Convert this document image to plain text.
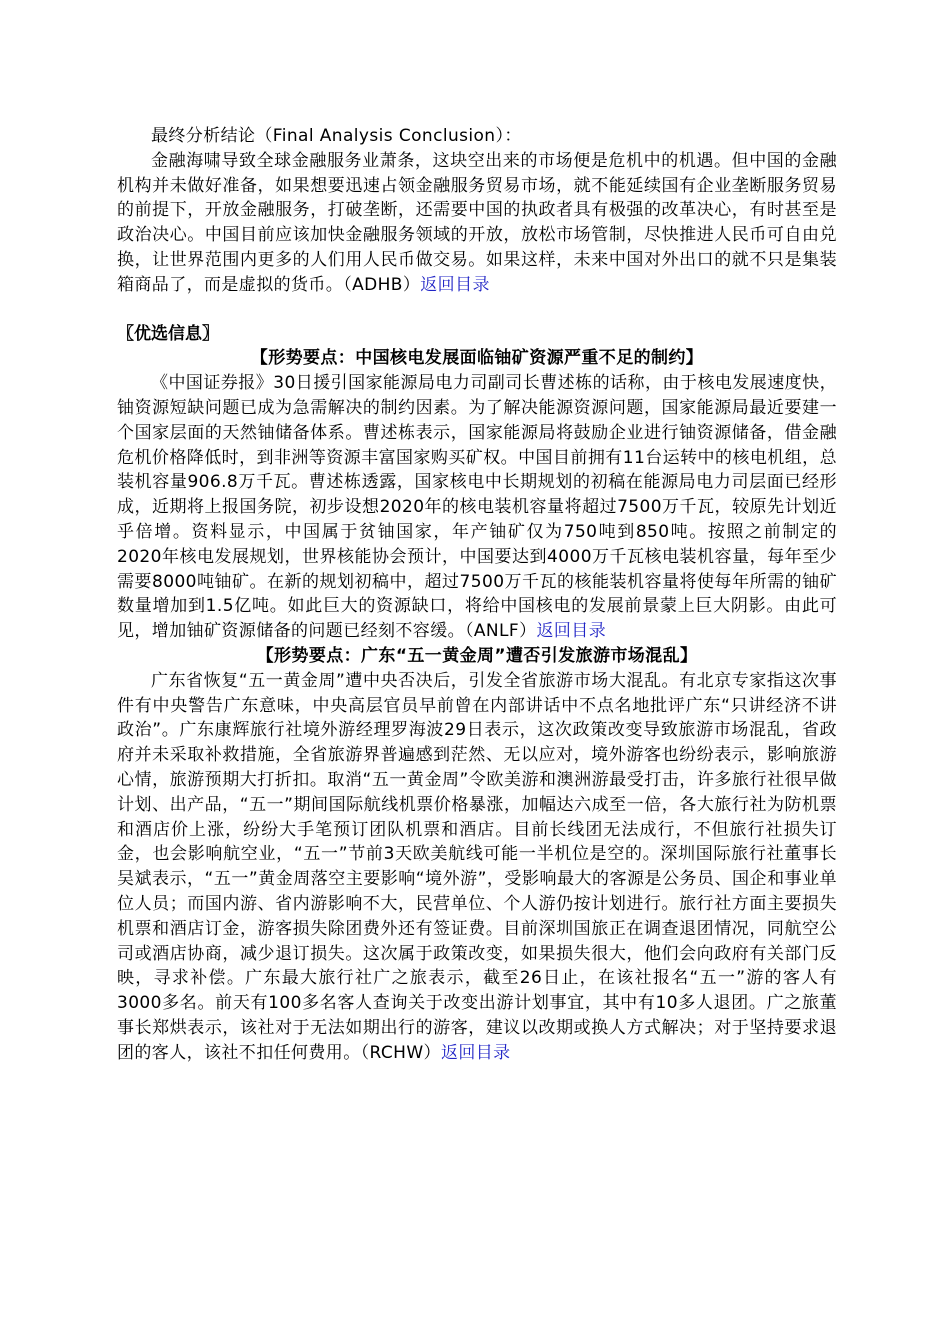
最终分析结论（Final Analysis Conclusion）：

金融海啸导致全球金融服务业萧条，这块空出来的市场便是危机中的机遇。但中国的金融机构并未做好准备，如果想要迅速占领金融服务贸易市场，就不能延续国有企业垄断服务贸易的前提下，开放金融服务，打破垄断，还需要中国的执政者具有极强的改革决心，有时甚至是政治决心。中国目前应该加快金融服务领域的开放，放松市场管制，尽快推进人民币可自由兑换，让世界范围内更多的人们用人民币做交易。如果这样，未来中国对外出口的就不只是集装箱商品了，而是虚拟的货币。（ADHB）返回目录

〖优选信息〗

【形势要点：中国核电发展面临铀矿资源严重不足的制约】

《中国证券报》30日援引国家能源局电力司副司长曹述栋的话称，由于核电发展速度快，铀资源短缺问题已成为急需解决的制约因素。为了解决能源资源问题，国家能源局最近要建一个国家层面的天然铀储备体系。曹述栋表示，国家能源局将鼓励企业进行铀资源储备，借金融危机价格降低时，到非洲等资源丰富国家购买矿权。中国目前拥有11台运转中的核电机组，总装机容量906.8万千瓦。曹述栋透露，国家核电中长期规划的初稿在能源局电力司层面已经形成，近期将上报国务院，初步设想2020年的核电装机容量将超过7500万千瓦，较原先计划近乎倍增。资料显示，中国属于贫铀国家，年产铀矿仅为750吨到850吨。按照之前制定的2020年核电发展规划，世界核能协会预计，中国要达到4000万千瓦核电装机容量，每年至少需要8000吨铀矿。在新的规划初稿中，超过7500万千瓦的核能装机容量将使每年所需的铀矿数量增加到1.5亿吨。如此巨大的资源缺口，将给中国核电的发展前景蒙上巨大阴影。由此可见，增加铀矿资源储备的问题已经刻不容缓。（ANLF）返回目录

【形势要点：广东“五一黄金周”遭否引发旅游市场混乱】

广东省恢复“五一黄金周”遭中央否决后，引发全省旅游市场大混乱。有北京专家指这次事件有中央警告广东意味，中央高层官员早前曾在内部讲话中不点名地批评广东“只讲经济不讲政治”。广东康辉旅行社境外游经理罗海波29日表示，这次政策改变导致旅游市场混乱，省政府并未采取补救措施，全省旅游界普遍感到茫然、无以应对，境外游客也纷纷表示，影响旅游心情，旅游预期大打折扣。取消“五一黄金周”令欧美游和澳洲游最受打击，许多旅行社很早做计划、出产品，“五一”期间国际航线机票价格暴涨，加幅达六成至一倍，各大旅行社为防机票和酒店价上涨，纷纷大手笔预订团队机票和酒店。目前长线团无法成行，不但旅行社损失订金，也会影响航空业，“五一”节前3天欧美航线可能一半机位是空的。深圳国际旅行社董事长吴斌表示，“五一”黄金周落空主要影响“境外游”，受影响最大的客源是公务员、国企和事业单位人员；而国内游、省内游影响不大，民营单位、个人游仍按计划进行。旅行社方面主要损失机票和酒店订金，游客损失除团费外还有签证费。目前深圳国旅正在调查退团情况，同航空公司或酒店协商，减少退订损失。这次属于政策改变，如果损失很大，他们会向政府有关部门反映，寻求补偿。广东最大旅行社广之旅表示，截至26日止，在该社报名“五一”游的客人有3000多名。前天有100多名客人查询关于改变出游计划事宜，其中有10多人退团。广之旅董事长郑烘表示，该社对于无法如期出行的游客，建议以改期或换人方式解决；对于坚持要求退团的客人，该社不扣任何费用。（RCHW）返回目录
